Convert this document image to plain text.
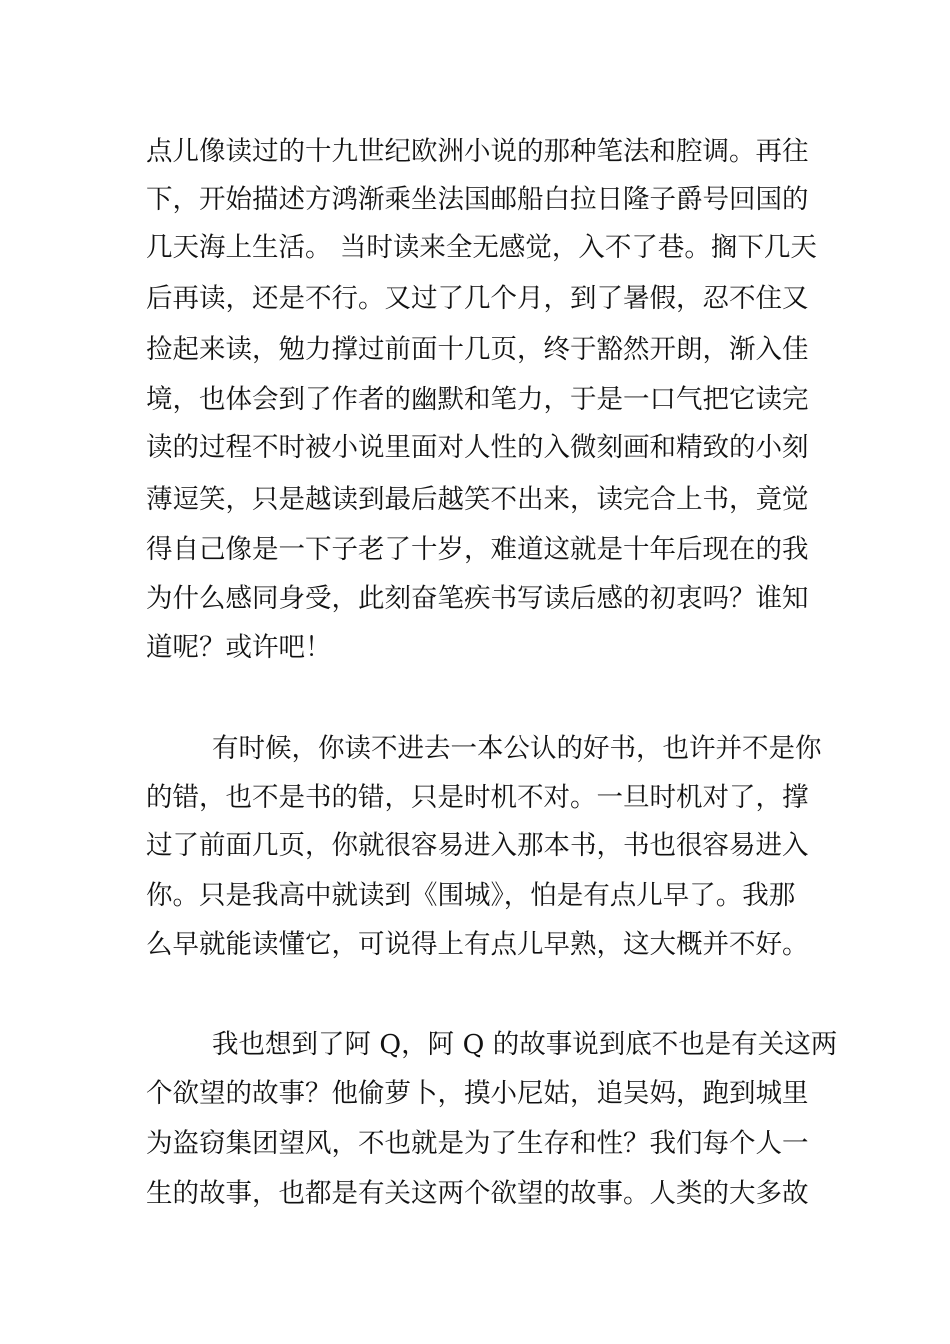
点儿像读过的十九世纪欧洲小说的那种笔法和腔调。再往
下，开始描述方鸿渐乘坐法国邮船白拉日隆子爵号回国的
几天海上生活。 当时读来全无感觉，入不了巷。搁下几天
后再读，还是不行。又过了几个月，到了暑假，忍不住又
捡起来读，勉力撑过前面十几页，终于豁然开朗，渐入佳
境，也体会到了作者的幽默和笔力，于是一口气把它读完
读的过程不时被小说里面对人性的入微刻画和精致的小刻
薄逗笑，只是越读到最后越笑不出来，读完合上书，竟觉
得自己像是一下子老了十岁，难道这就是十年后现在的我
为什么感同身受，此刻奋笔疾书写读后感的初衷吗？谁知
道呢？或许吧！
有时候，你读不进去一本公认的好书，也许并不是你
的错，也不是书的错，只是时机不对。一旦时机对了，撑
过了前面几页，你就很容易进入那本书，书也很容易进入
你。只是我高中就读到《围城》，怕是有点儿早了。我那
么早就能读懂它，可说得上有点儿早熟，这大概并不好。
我也想到了阿 Q，阿 Q 的故事说到底不也是有关这两
个欲望的故事？他偷萝卜，摸小尼姑，追吴妈，跑到城里
为盗窃集团望风，不也就是为了生存和性？我们每个人一
生的故事，也都是有关这两个欲望的故事。人类的大多故
